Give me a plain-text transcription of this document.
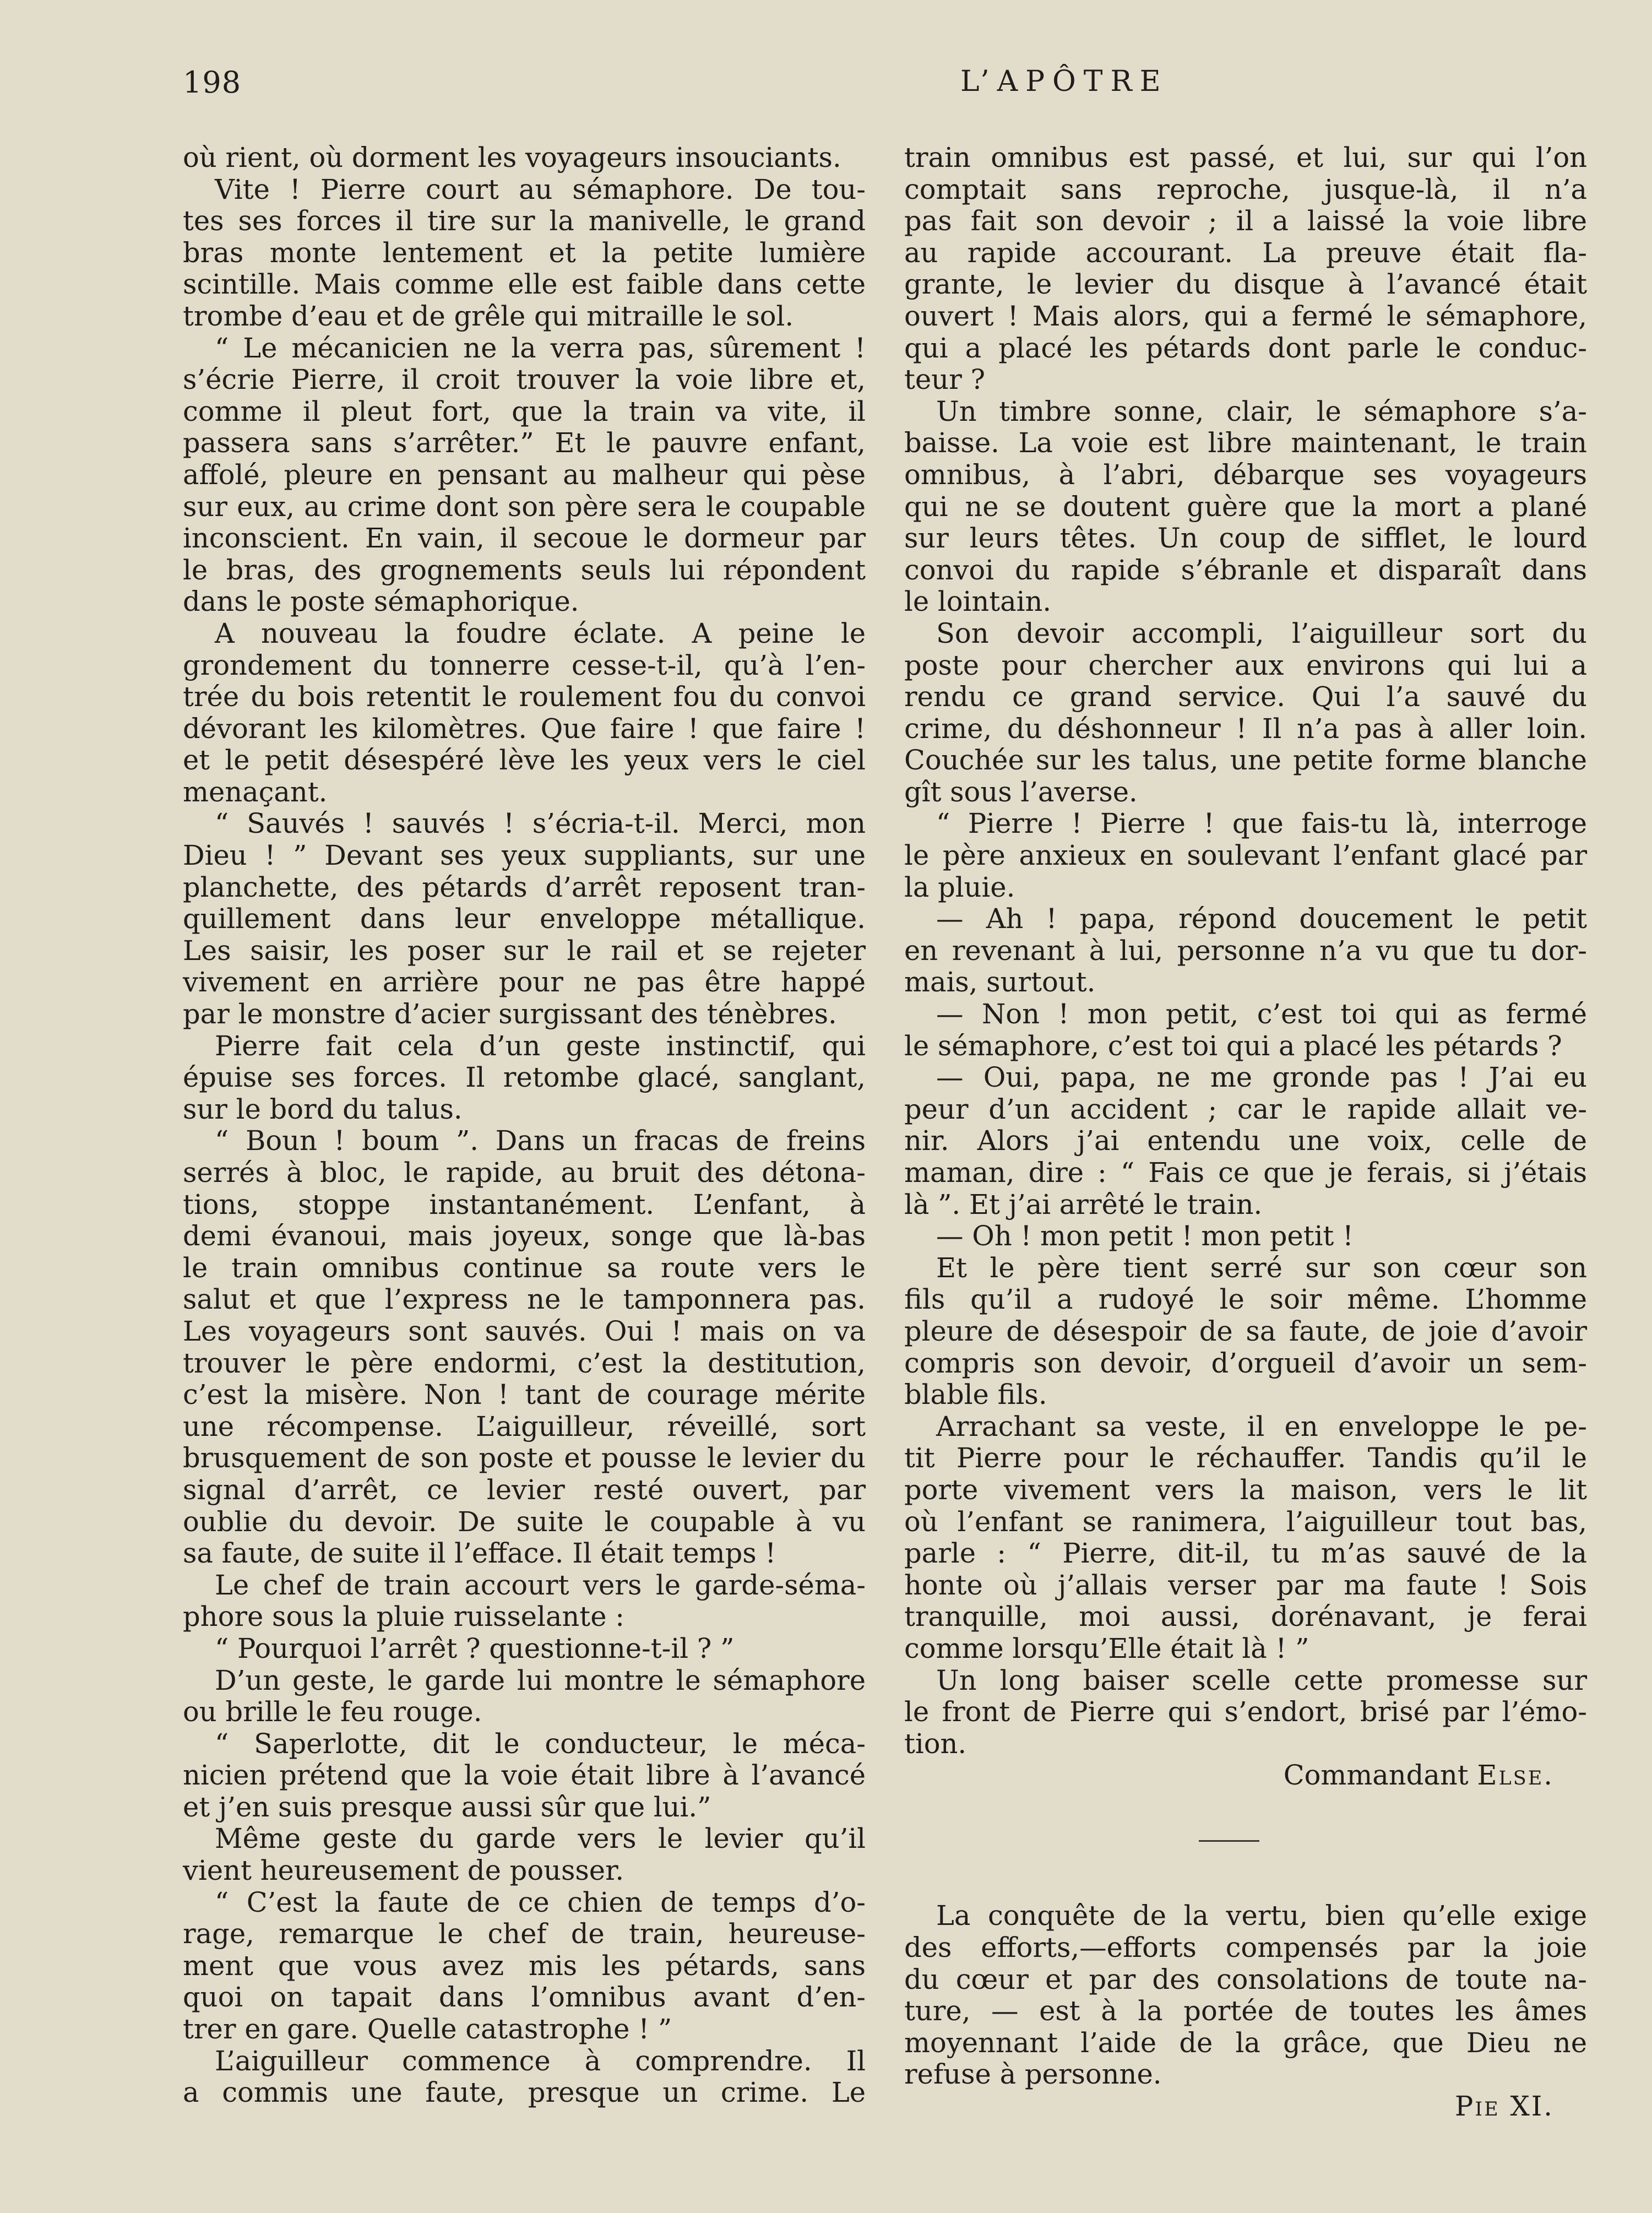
198	L’APÔTRE
où rient, où dorment les voyageurs insouciants.
Vite ! Pierre court au sémaphore. De tou-
tes ses forces il tire sur la manivelle, le grand
bras monte lentement et la petite lumière
scintille. Mais comme elle est faible dans cette
trombe d’eau et de grêle qui mitraille le sol.
“ Le mécanicien ne la verra pas, sûrement !
s’écrie Pierre, il croit trouver la voie libre et,
comme il pleut fort, que la train va vite, il
passera sans s’arrêter.” Et le pauvre enfant,
affolé, pleure en pensant au malheur qui pèse
sur eux, au crime dont son père sera le coupable
inconscient. En vain, il secoue le dormeur par
le bras, des grognements seuls lui répondent
dans le poste sémaphorique.
A nouveau la foudre éclate. A peine le
grondement du tonnerre cesse-t-il, qu’à l’en-
trée du bois retentit le roulement fou du convoi
dévorant les kilomètres. Que faire ! que faire !
et le petit désespéré lève les yeux vers le ciel
menaçant.
“ Sauvés ! sauvés ! s’écria-t-il. Merci, mon
Dieu ! ” Devant ses yeux suppliants, sur une
planchette, des pétards d’arrêt reposent tran-
quillement dans leur enveloppe métallique.
Les saisir, les poser sur le rail et se rejeter
vivement en arrière pour ne pas être happé
par le monstre d’acier surgissant des ténèbres.
Pierre fait cela d’un geste instinctif, qui
épuise ses forces. Il retombe glacé, sanglant,
sur le bord du talus.
“ Boun ! boum ”. Dans un fracas de freins
serrés à bloc, le rapide, au bruit des détona-
tions, stoppe instantanément. L’enfant, à
demi évanoui, mais joyeux, songe que là-bas
le train omnibus continue sa route vers le
salut et que l’express ne le tamponnera pas.
Les voyageurs sont sauvés. Oui ! mais on va
trouver le père endormi, c’est la destitution,
c’est la misère. Non ! tant de courage mérite
une récompense. L’aiguilleur, réveillé, sort
brusquement de son poste et pousse le levier du
signal d’arrêt, ce levier resté ouvert, par
oublie du devoir. De suite le coupable à vu
sa faute, de suite il l’efface. Il était temps !
Le chef de train accourt vers le garde-séma-
phore sous la pluie ruisselante :
“ Pourquoi l’arrêt ? questionne-t-il ? ”
D’un geste, le garde lui montre le sémaphore
ou brille le feu rouge.
“ Saperlotte, dit le conducteur, le méca-
nicien prétend que la voie était libre à l’avancé
et j’en suis presque aussi sûr que lui.”
Même geste du garde vers le levier qu’il
vient heureusement de pousser.
“ C’est la faute de ce chien de temps d’o-
rage, remarque le chef de train, heureuse-
ment que vous avez mis les pétards, sans
quoi on tapait dans l’omnibus avant d’en-
trer en gare. Quelle catastrophe ! ”
L’aiguilleur commence à comprendre. Il
a commis une faute, presque un crime. Le
train omnibus est passé, et lui, sur qui l’on
comptait sans reproche, jusque-là, il n’a
pas fait son devoir ; il a laissé la voie libre
au rapide accourant. La preuve était fla-
grante, le levier du disque à l’avancé était
ouvert ! Mais alors, qui a fermé le sémaphore,
qui a placé les pétards dont parle le conduc-
teur ?
Un timbre sonne, clair, le sémaphore s’a-
baisse. La voie est libre maintenant, le train
omnibus, à l’abri, débarque ses voyageurs
qui ne se doutent guère que la mort a plané
sur leurs têtes. Un coup de sifflet, le lourd
convoi du rapide s’ébranle et disparaît dans
le lointain.
Son devoir accompli, l’aiguilleur sort du
poste pour chercher aux environs qui lui a
rendu ce grand service. Qui l’a sauvé du
crime, du déshonneur ! Il n’a pas à aller loin.
Couchée sur les talus, une petite forme blanche
gît sous l’averse.
“ Pierre ! Pierre ! que fais-tu là, interroge
le père anxieux en soulevant l’enfant glacé par
la pluie.
— Ah ! papa, répond doucement le petit
en revenant à lui, personne n’a vu que tu dor-
mais, surtout.
— Non ! mon petit, c’est toi qui as fermé
le sémaphore, c’est toi qui a placé les pétards ?
— Oui, papa, ne me gronde pas ! J’ai eu
peur d’un accident ; car le rapide allait ve-
nir. Alors j’ai entendu une voix, celle de
maman, dire : “ Fais ce que je ferais, si j’étais
là ”. Et j’ai arrêté le train.
— Oh ! mon petit ! mon petit !
Et le père tient serré sur son cœur son
fils qu’il a rudoyé le soir même. L’homme
pleure de désespoir de sa faute, de joie d’avoir
compris son devoir, d’orgueil d’avoir un sem-
blable fils.
Arrachant sa veste, il en enveloppe le pe-
tit Pierre pour le réchauffer. Tandis qu’il le
porte vivement vers la maison, vers le lit
où l’enfant se ranimera, l’aiguilleur tout bas,
parle : “ Pierre, dit-il, tu m’as sauvé de la
honte où j’allais verser par ma faute ! Sois
tranquille, moi aussi, dorénavant, je ferai
comme lorsqu’Elle était là ! ”
Un long baiser scelle cette promesse sur
le front de Pierre qui s’endort, brisé par l’émo-
tion.
Commandant Else.
La conquête de la vertu, bien qu’elle exige
des efforts,—efforts compensés par la joie
du cœur et par des consolations de toute na-
ture, — est à la portée de toutes les âmes
moyennant l’aide de la grâce, que Dieu ne
refuse à personne.
Pie XI.
